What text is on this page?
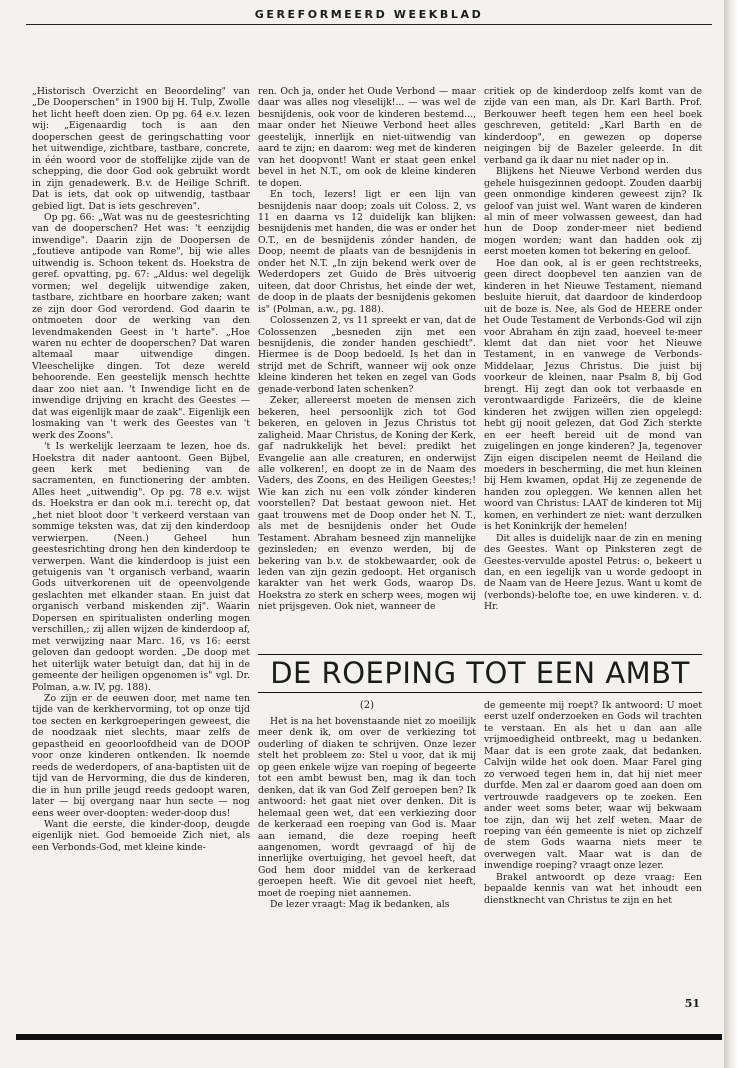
GEREFORMEERD WEEKBLAD

„Historisch Overzicht en Beoordeling" van „De Dooperschen" in 1900 bij H. Tulp, Zwolle het licht heeft doen zien. Op pg. 64 e.v. lezen wij: „Eigenaardig toch is aan den dooperschen geest de geringschatting voor het uitwendige, zichtbare, tastbare, concrete, in één woord voor de stoffelijke zijde van de schepping, die door God ook gebruikt wordt in zijn genadewerk. B.v. de Heilige Schrift. Dat is iets, dat ook op uitwendig, tastbaar gebied ligt. Dat is iets geschreven".

Op pg. 66: „Wat was nu de geestesrichting van de dooperschen? Het was: 't eenzijdig inwendige". Daarin zijn de Doopersen de „foutieve antipode van Rome", bij wie alles uitwendig is. Schoon tekent ds. Hoekstra de geref. opvatting, pg. 67: „Aldus: wel degelijk vormen; wel degelijk uitwendige zaken, tastbare, zichtbare en hoorbare zaken; want ze zijn door God verordend. God daarin te ontmoeten door de werking van den levendmakenden Geest in 't harte". „Hoe waren nu echter de dooperschen? Dat waren altemaal maar uitwendige dingen. Vleeschelijke dingen. Tot deze wereld behoorende. Een geestelijk mensch hechtte daar zoo niet aan. 't Inwendige licht en de inwendige drijving en kracht des Geestes — dat was eigenlijk maar de zaak". Eigenlijk een losmaking van 't werk des Geestes van 't werk des Zoons".

't Is werkelijk leerzaam te lezen, hoe ds. Hoekstra dit nader aantoont. Geen Bijbel, geen kerk met bediening van de sacramenten, en functionering der ambten. Alles heet „uitwendig". Op pg. 78 e.v. wijst ds. Hoekstra er dan ook m.i. terecht op, dat „het niet bloot door 't verkeerd verstaan van sommige teksten was, dat zij den kinderdoop verwierpen. (Neen.) Geheel hun geestesrichting drong hen den kinderdoop te verwerpen. Want die kinderdoop is juist een getuigenis van 't organisch verband, waarin Gods uitverkorenen uit de opeenvolgende geslachten met elkander staan. En juist dat organisch verband miskenden zij". Waarin Dopersen en spiritualisten onderling mogen verschillen,; zij allen wijzen de kinderdoop af, met verwijzing naar Marc. 16, vs 16: eerst geloven dan gedoopt worden. „De doop met het uiterlijk water betuigt dan, dat hij in de gemeente der heiligen opgenomen is" vgl. Dr. Polman, a.w. IV, pg. 188).

Zo zijn er de eeuwen door, met name ten tijde van de kerkhervorming, tot op onze tijd toe secten en kerkgroeperingen geweest, die de noodzaak niet slechts, maar zelfs de gepastheid en geoorloofdheid van de DOOP voor onze kinderen ontkenden. Ik noemde reeds de wederdopers, of ana-baptisten uit de tijd van de Hervorming, die dus de kinderen, die in hun prille jeugd reeds gedoopt waren, later — bij overgang naar hun secte — nog eens weer over-doopten: weder-doop dus!

Want die eerste, die kinder-doop, deugde eigenlijk niet. God bemoeide Zich niet, als een Verbonds-God, met kleine kinde-

ren. Och ja, onder het Oude Verbond — maar daar was alles nog vleselijk!... — was wel de besnijdenis, ook voor de kinderen bestemd..., maar onder het Nieuwe Verbond heet alles geestelijk, innerlijk en niet-uitwendig van aard te zijn; en daarom: weg met de kinderen van het doopvont! Want er staat geen enkel bevel in het N.T., om ook de kleine kinderen te dopen.

En toch, lezers! ligt er een lijn van besnijdenis naar doop; zoals uit Coloss. 2, vs 11 en daarna vs 12 duidelijk kan blijken: besnijdenis met handen, die was er onder het O.T., en de besnijdenis zónder handen, de Doop, neemt de plaats van de besnijdenis in onder het N.T. „In zijn bekend werk over de Wederdopers zet Guido de Brès uitvoerig uiteen, dat door Christus, het einde der wet, de doop in de plaats der besnijdenis gekomen is" (Polman, a.w., pg. 188).

Colossenzen 2, vs 11 spreekt er van, dat de Colossenzen „besneden zijn met een besnijdenis, die zonder handen geschiedt". Hiermee is de Doop bedoeld. Is het dan in strijd met de Schrift, wanneer wij ook onze kleine kinderen het teken en zegel van Gods genade-verbond laten schenken?

Zeker, allereerst moeten de mensen zich bekeren, heel persoonlijk zich tot God bekeren, en geloven in Jezus Christus tot zaligheid. Maar Christus, de Koning der Kerk, gaf nadrukkelijk het bevel: predikt het Evangelie aan alle creaturen, en onderwijst alle volkeren!, en doopt ze in de Naam des Vaders, des Zoons, en des Heiligen Geestes;! Wie kan zich nu een volk zónder kinderen voorstellen? Dat bestaat gewoon niet. Het gaat trouwens met de Doop onder het N. T., als met de besnijdenis onder het Oude Testament. Abraham besneed zijn mannelijke gezinsleden; en evenzo werden, bij de bekering van b.v. de stokbewaarder, ook de leden van zijn gezin gedoopt. Het organisch karakter van het werk Gods, waarop Ds. Hoekstra zo sterk en scherp wees, mogen wij niet prijsgeven. Ook niet, wanneer de

critiek op de kinderdoop zelfs komt van de zijde van een man, als Dr. Karl Barth. Prof. Berkouwer heeft tegen hem een heel boek geschreven, getiteld: „Karl Barth en de kinderdoop", en gewezen op doperse neigingen bij de Bazeler geleerde. In dit verband ga ik daar nu niet nader op in.

Blijkens het Nieuwe Verbond werden dus gehele huisgezinnen gedoopt. Zouden daarbij geen onmondige kinderen geweest zijn? Ik geloof van juist wel. Want waren de kinderen al min of meer volwassen geweest, dan had hun de Doop zonder-meer niet bediend mogen worden; want dan hadden ook zij eerst moeten komen tot bekering en geloof.

Hoe dan ook, al is er geen rechtstreeks, geen direct doopbevel ten aanzien van de kinderen in het Nieuwe Testament, niemand besluite hieruit, dat daardoor de kinderdoop uit de boze is. Nee, als God de HEERE onder het Oude Testament de Verbonds-God wil zijn voor Abraham én zijn zaad, hoeveel te-meer klemt dat dan niet voor het Nieuwe Testament, in en vanwege de Verbonds-Middelaar, Jezus Christus. Die juist bij voorkeur de kleinen, naar Psalm 8, bij God brengt. Hij zegt dan ook tot verbaasde en verontwaardigde Farizeërs, die de kleine kinderen het zwijgen willen zien opgelegd: hebt gij nooit gelezen, dat God Zich sterkte en eer heeft bereid uit de mond van zuigelingen en jonge kinderen? Ja, tegenover Zijn eigen discipelen neemt de Heiland die moeders in bescherming, die met hun kleinen bij Hem kwamen, opdat Hij ze zegenende de handen zou opleggen. We kennen allen het woord van Christus: LAAT de kinderen tot Mij komen, en verhindert ze niet: want derzulken is het Koninkrijk der hemelen!

Dit alles is duidelijk naar de zin en mening des Geestes. Want op Pinksteren zegt de Geestes-vervulde apostel Petrus: o, bekeert u dan, en een iegelijk van u worde gedoopt in de Naam van de Heere Jezus. Want u komt de (verbonds)-belofte toe, en uwe kinderen. v. d. Hr.

DE ROEPING TOT EEN AMBT
(2)

Het is na het bovenstaande niet zo moeilijk meer denk ik, om over de verkiezing tot ouderling of diaken te schrijven. Onze lezer stelt het probleem zo: Stel u voor, dat ik mij op geen enkele wijze van roeping of begeerte tot een ambt bewust ben, mag ik dan toch denken, dat ik van God Zelf geroepen ben? Ik antwoord: het gaat niet over denken. Dit is helemaal geen wet, dat een verkiezing door de kerkeraad een roeping van God is. Maar aan iemand, die deze roeping heeft aangenomen, wordt gevraagd of hij de innerlijke overtuiging, het gevoel heeft, dat God hem door middel van de kerkeraad geroepen heeft. Wie dit gevoel niet heeft, moet de roeping niet aannemen.

De lezer vraagt: Mag ik bedanken, als

de gemeente mij roept? Ik antwoord: U moet eerst uzelf onderzoeken en Gods wil trachten te verstaan. En als het u dan aan alle vrijmoedigheid ontbreekt, mag u bedanken. Maar dat is een grote zaak, dat bedanken. Calvijn wilde het ook doen. Maar Farel ging zo verwoed tegen hem in, dat hij niet meer durfde. Men zal er daarom goed aan doen om vertrouwde raadgevers op te zoeken. Een ander weet soms beter, waar wij bekwaam toe zijn, dan wij het zelf weten. Maar de roeping van één gemeente is niet op zichzelf de stem Gods waarna niets meer te overwegen valt. Maar wat is dan de inwendige roeping? vraagt onze lezer.

Brakel antwoordt op deze vraag: Een bepaalde kennis van wat het inhoudt een dienstknecht van Christus te zijn en het

51
